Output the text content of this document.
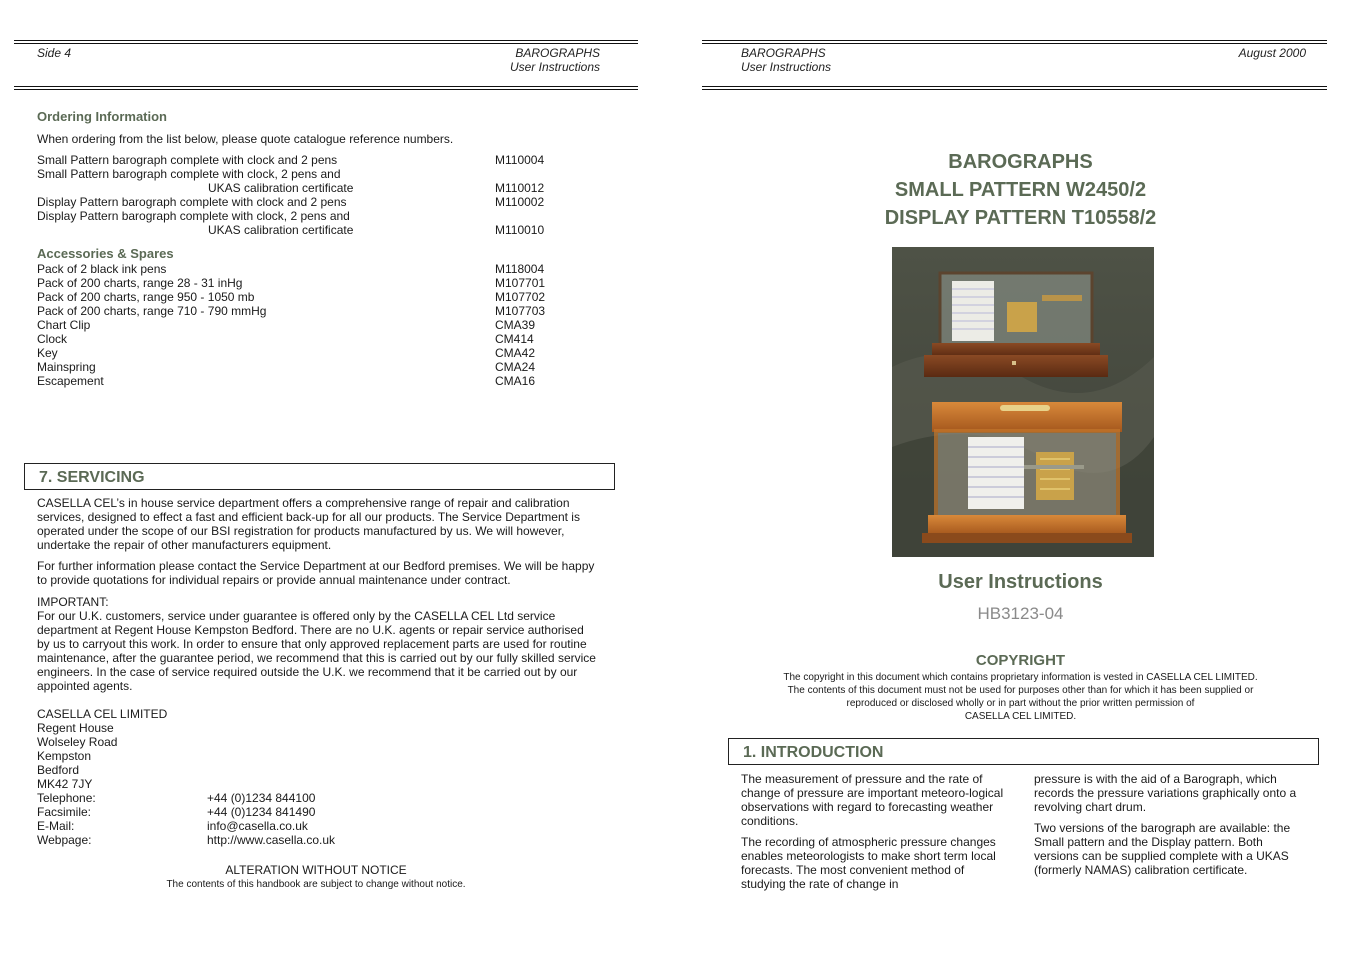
Side 4	BAROGRAPHS
User Instructions
Ordering Information
When ordering from the list below, please quote catalogue reference numbers.
Small Pattern barograph complete with clock and 2 pens	M110004
Small Pattern barograph complete with clock, 2 pens and
UKAS calibration certificate	M110012
Display Pattern barograph complete with clock and 2 pens	M110002
Display Pattern barograph complete with clock, 2 pens and
UKAS calibration certificate	M110010
Accessories & Spares
Pack of 2 black ink pens	M118004
Pack of 200 charts, range 28 - 31 inHg	M107701
Pack of 200 charts, range 950 - 1050 mb	M107702
Pack of 200 charts, range 710 - 790 mmHg	M107703
Chart Clip	CMA39
Clock	CM414
Key	CMA42
Mainspring	CMA24
Escapement	CMA16
7. SERVICING
CASELLA CEL’s in house service department offers a comprehensive range of repair and calibration services, designed to effect a fast and efficient back-up for all our products. The Service Department is operated under the scope of our BSI registration for products manufactured by us. We will however, undertake the repair of other manufacturers equipment.
For further information please contact the Service Department at our Bedford premises. We will be happy to provide quotations for individual repairs or provide annual maintenance under contract.
IMPORTANT:
For our U.K. customers, service under guarantee is offered only by the CASELLA CEL Ltd service department at Regent House Kempston Bedford. There are no U.K. agents or repair service authorised by us to carryout this work. In order to ensure that only approved replacement parts are used for routine maintenance, after the guarantee period, we recommend that this is carried out by our fully skilled service engineers. In the case of service required outside the U.K. we recommend that it be carried out by our appointed agents.
CASELLA CEL LIMITED
Regent House
Wolseley Road
Kempston
Bedford
MK42 7JY
Telephone:	+44 (0)1234 844100
Facsimile:	+44 (0)1234 841490
E-Mail:	info@casella.co.uk
Webpage:	http://www.casella.co.uk
ALTERATION WITHOUT NOTICE
The contents of this handbook are subject to change without notice.
BAROGRAPHS
User Instructions
August 2000
BAROGRAPHS
SMALL PATTERN W2450/2
DISPLAY PATTERN T10558/2
User Instructions
HB3123-04
COPYRIGHT
The copyright in this document which contains proprietary information is vested in CASELLA CEL LIMITED.
The contents of this document must not be used for purposes other than for which it has been supplied or
reproduced or disclosed wholly or in part without the prior written permission of
CASELLA CEL LIMITED.
1. INTRODUCTION
The measurement of pressure and the rate of change of pressure are important meteoro-logical observations with regard to forecasting weather conditions.
The recording of atmospheric pressure changes enables meteorologists to make short term local forecasts. The most convenient method of studying the rate of change in
pressure is with the aid of a Barograph, which records the pressure variations graphically onto a revolving chart drum.
Two versions of the barograph are available: the Small pattern and the Display pattern. Both versions can be supplied complete with a UKAS (formerly NAMAS) calibration certificate.
